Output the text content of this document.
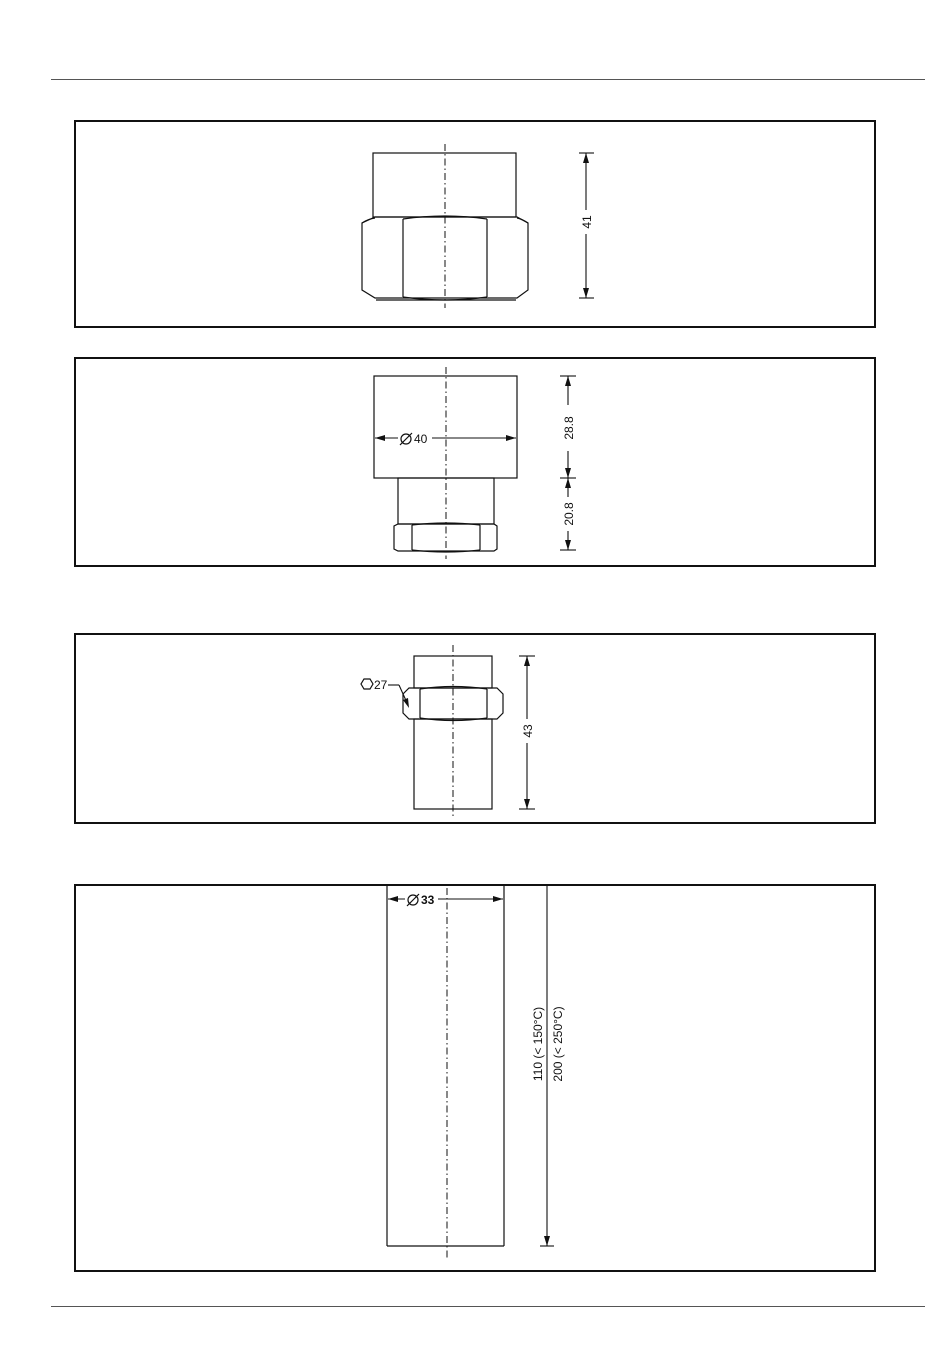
41
40	28.8
20.8
27
43
33
110 (< 150°C) 200 (< 250°C)
